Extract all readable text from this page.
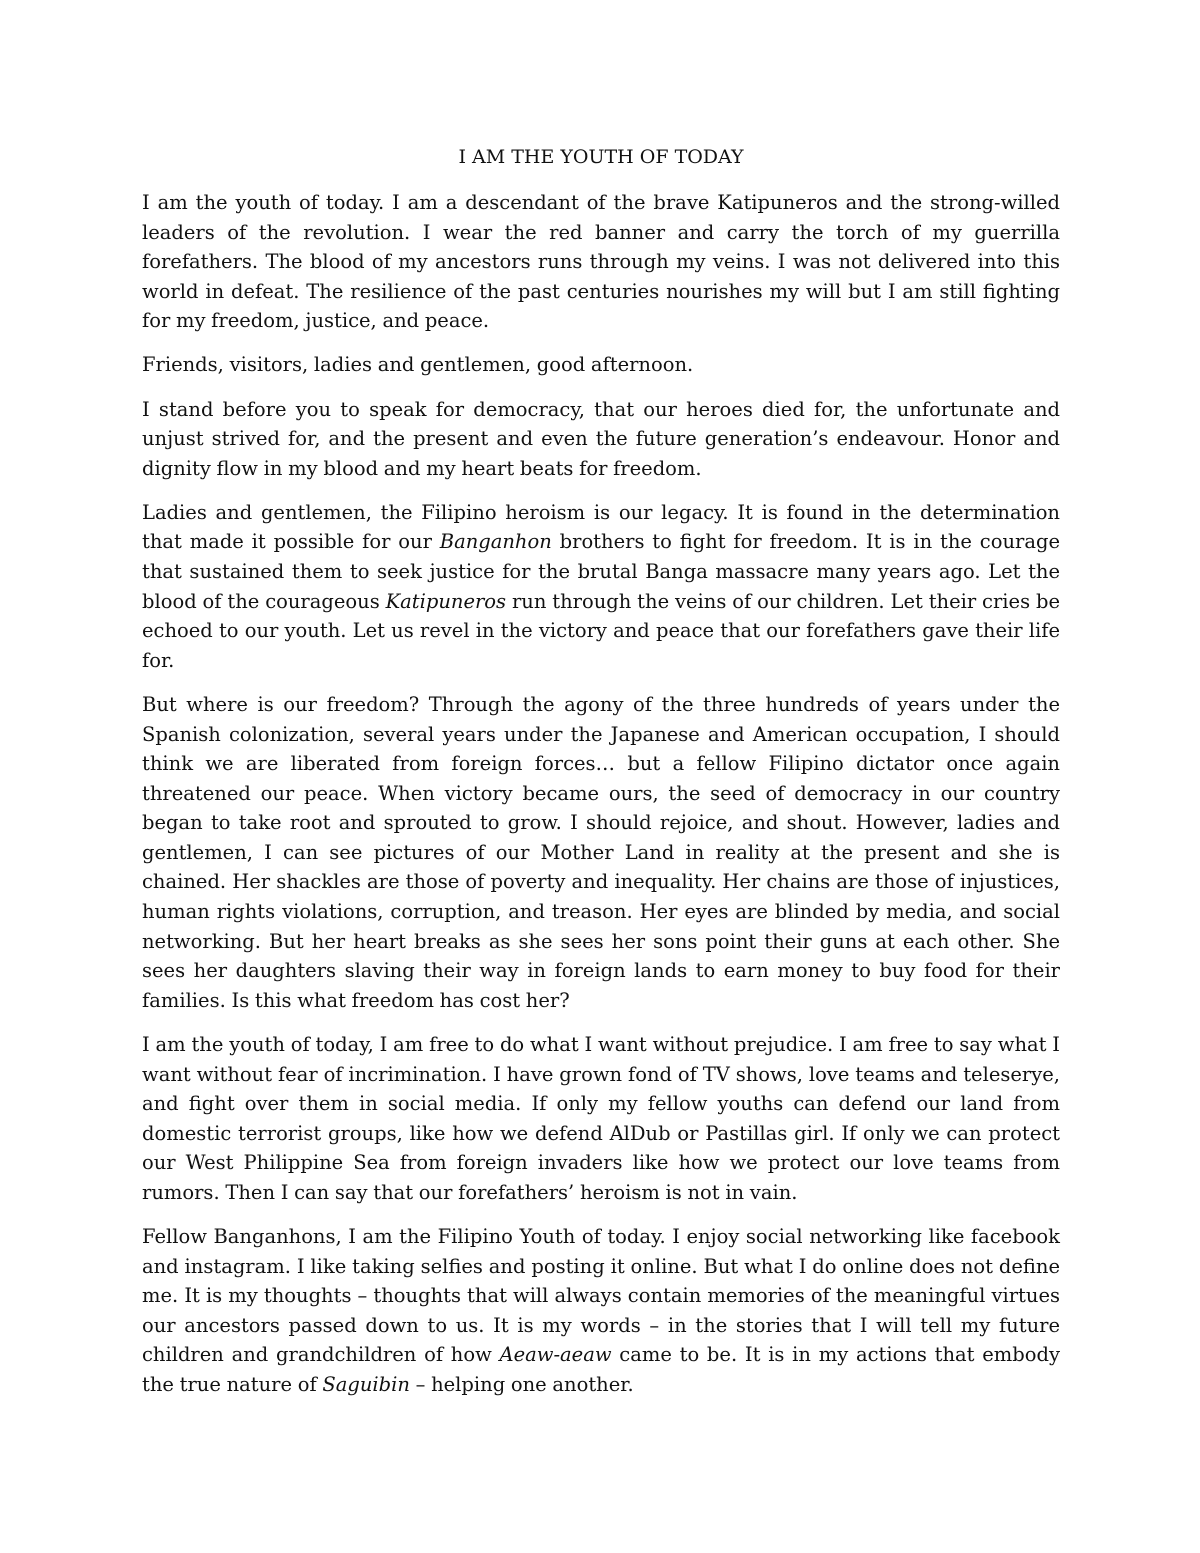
I AM THE YOUTH OF TODAY

I am the youth of today. I am a descendant of the brave Katipuneros and the strong-willed leaders of the revolution. I wear the red banner and carry the torch of my guerrilla forefathers. The blood of my ancestors runs through my veins. I was not delivered into this world in defeat. The resilience of the past centuries nourishes my will but I am still fighting for my freedom, justice, and peace.

Friends, visitors, ladies and gentlemen, good afternoon.

I stand before you to speak for democracy, that our heroes died for, the unfortunate and unjust strived for, and the present and even the future generation’s endeavour. Honor and dignity flow in my blood and my heart beats for freedom.

Ladies and gentlemen, the Filipino heroism is our legacy. It is found in the determination that made it possible for our Banganhon brothers to fight for freedom. It is in the courage that sustained them to seek justice for the brutal Banga massacre many years ago. Let the blood of the courageous Katipuneros run through the veins of our children. Let their cries be echoed to our youth. Let us revel in the victory and peace that our forefathers gave their life for.

But where is our freedom? Through the agony of the three hundreds of years under the Spanish colonization, several years under the Japanese and American occupation, I should think we are liberated from foreign forces… but a fellow Filipino dictator once again threatened our peace. When victory became ours, the seed of democracy in our country began to take root and sprouted to grow. I should rejoice, and shout. However, ladies and gentlemen, I can see pictures of our Mother Land in reality at the present and she is chained. Her shackles are those of poverty and inequality. Her chains are those of injustices, human rights violations, corruption, and treason. Her eyes are blinded by media, and social networking. But her heart breaks as she sees her sons point their guns at each other. She sees her daughters slaving their way in foreign lands to earn money to buy food for their families. Is this what freedom has cost her?

I am the youth of today, I am free to do what I want without prejudice. I am free to say what I want without fear of incrimination. I have grown fond of TV shows, love teams and teleserye, and fight over them in social media. If only my fellow youths can defend our land from domestic terrorist groups, like how we defend AlDub or Pastillas girl. If only we can protect our West Philippine Sea from foreign invaders like how we protect our love teams from rumors. Then I can say that our forefathers’ heroism is not in vain.

Fellow Banganhons, I am the Filipino Youth of today. I enjoy social networking like facebook and instagram. I like taking selfies and posting it online. But what I do online does not define me. It is my thoughts – thoughts that will always contain memories of the meaningful virtues our ancestors passed down to us. It is my words – in the stories that I will tell my future children and grandchildren of how Aeaw-aeaw came to be. It is in my actions that embody the true nature of Saguibin – helping one another.
